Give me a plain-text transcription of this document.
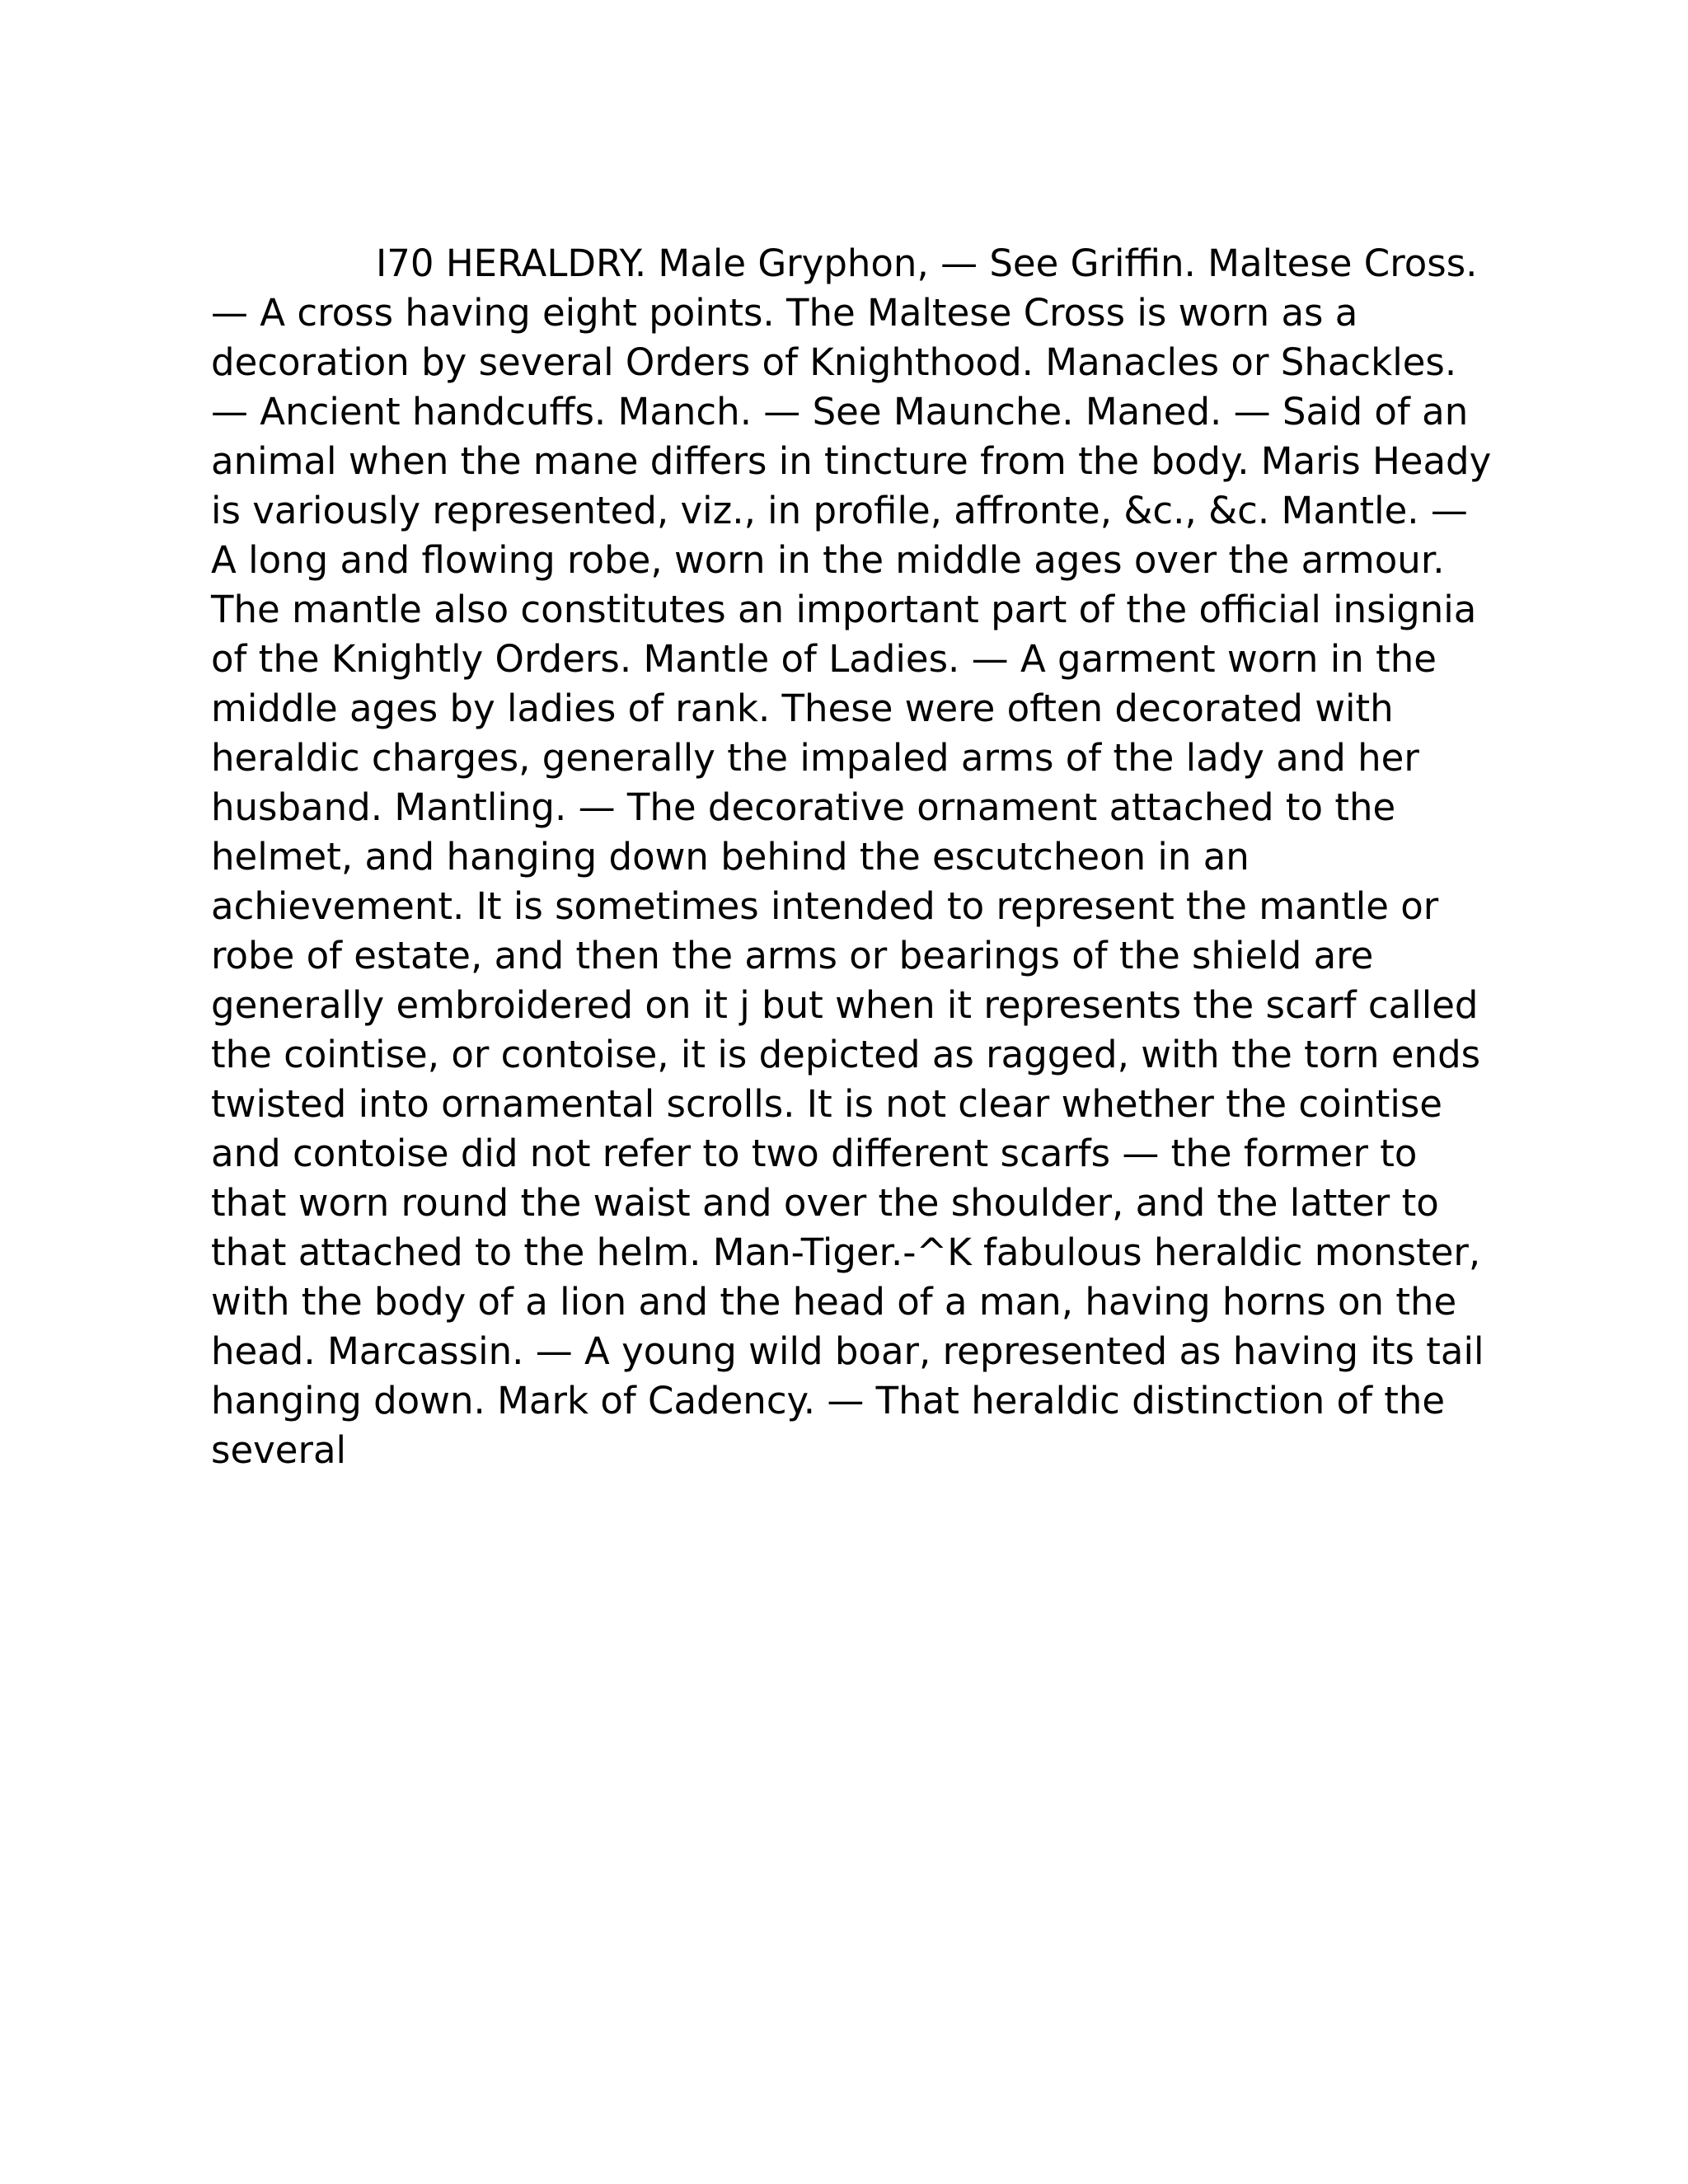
I70 HERALDRY. Male Gryphon, — See Griffin. Maltese Cross. — A cross having eight points. The Maltese Cross is worn as a decoration by several Orders of Knighthood. Manacles or Shackles. — Ancient handcuffs. Manch. — See Maunche. Maned. — Said of an animal when the mane differs in tincture from the body. Maris Heady is variously represented, viz., in profile, affronte, &c., &c. Mantle. — A long and flowing robe, worn in the middle ages over the armour. The mantle also constitutes an important part of the official insignia of the Knightly Orders. Mantle of Ladies. — A garment worn in the middle ages by ladies of rank. These were often decorated with heraldic charges, generally the impaled arms of the lady and her husband. Mantling. — The decorative ornament attached to the helmet, and hanging down behind the escutcheon in an achievement. It is sometimes intended to represent the mantle or robe of estate, and then the arms or bearings of the shield are generally embroidered on it j but when it represents the scarf called the cointise, or contoise, it is depicted as ragged, with the torn ends twisted into ornamental scrolls. It is not clear whether the cointise and contoise did not refer to two different scarfs — the former to that worn round the waist and over the shoulder, and the latter to that attached to the helm. Man-Tiger.-^K fabulous heraldic monster, with the body of a lion and the head of a man, having horns on the head. Marcassin. — A young wild boar, represented as having its tail hanging down. Mark of Cadency. — That heraldic distinction of the several
